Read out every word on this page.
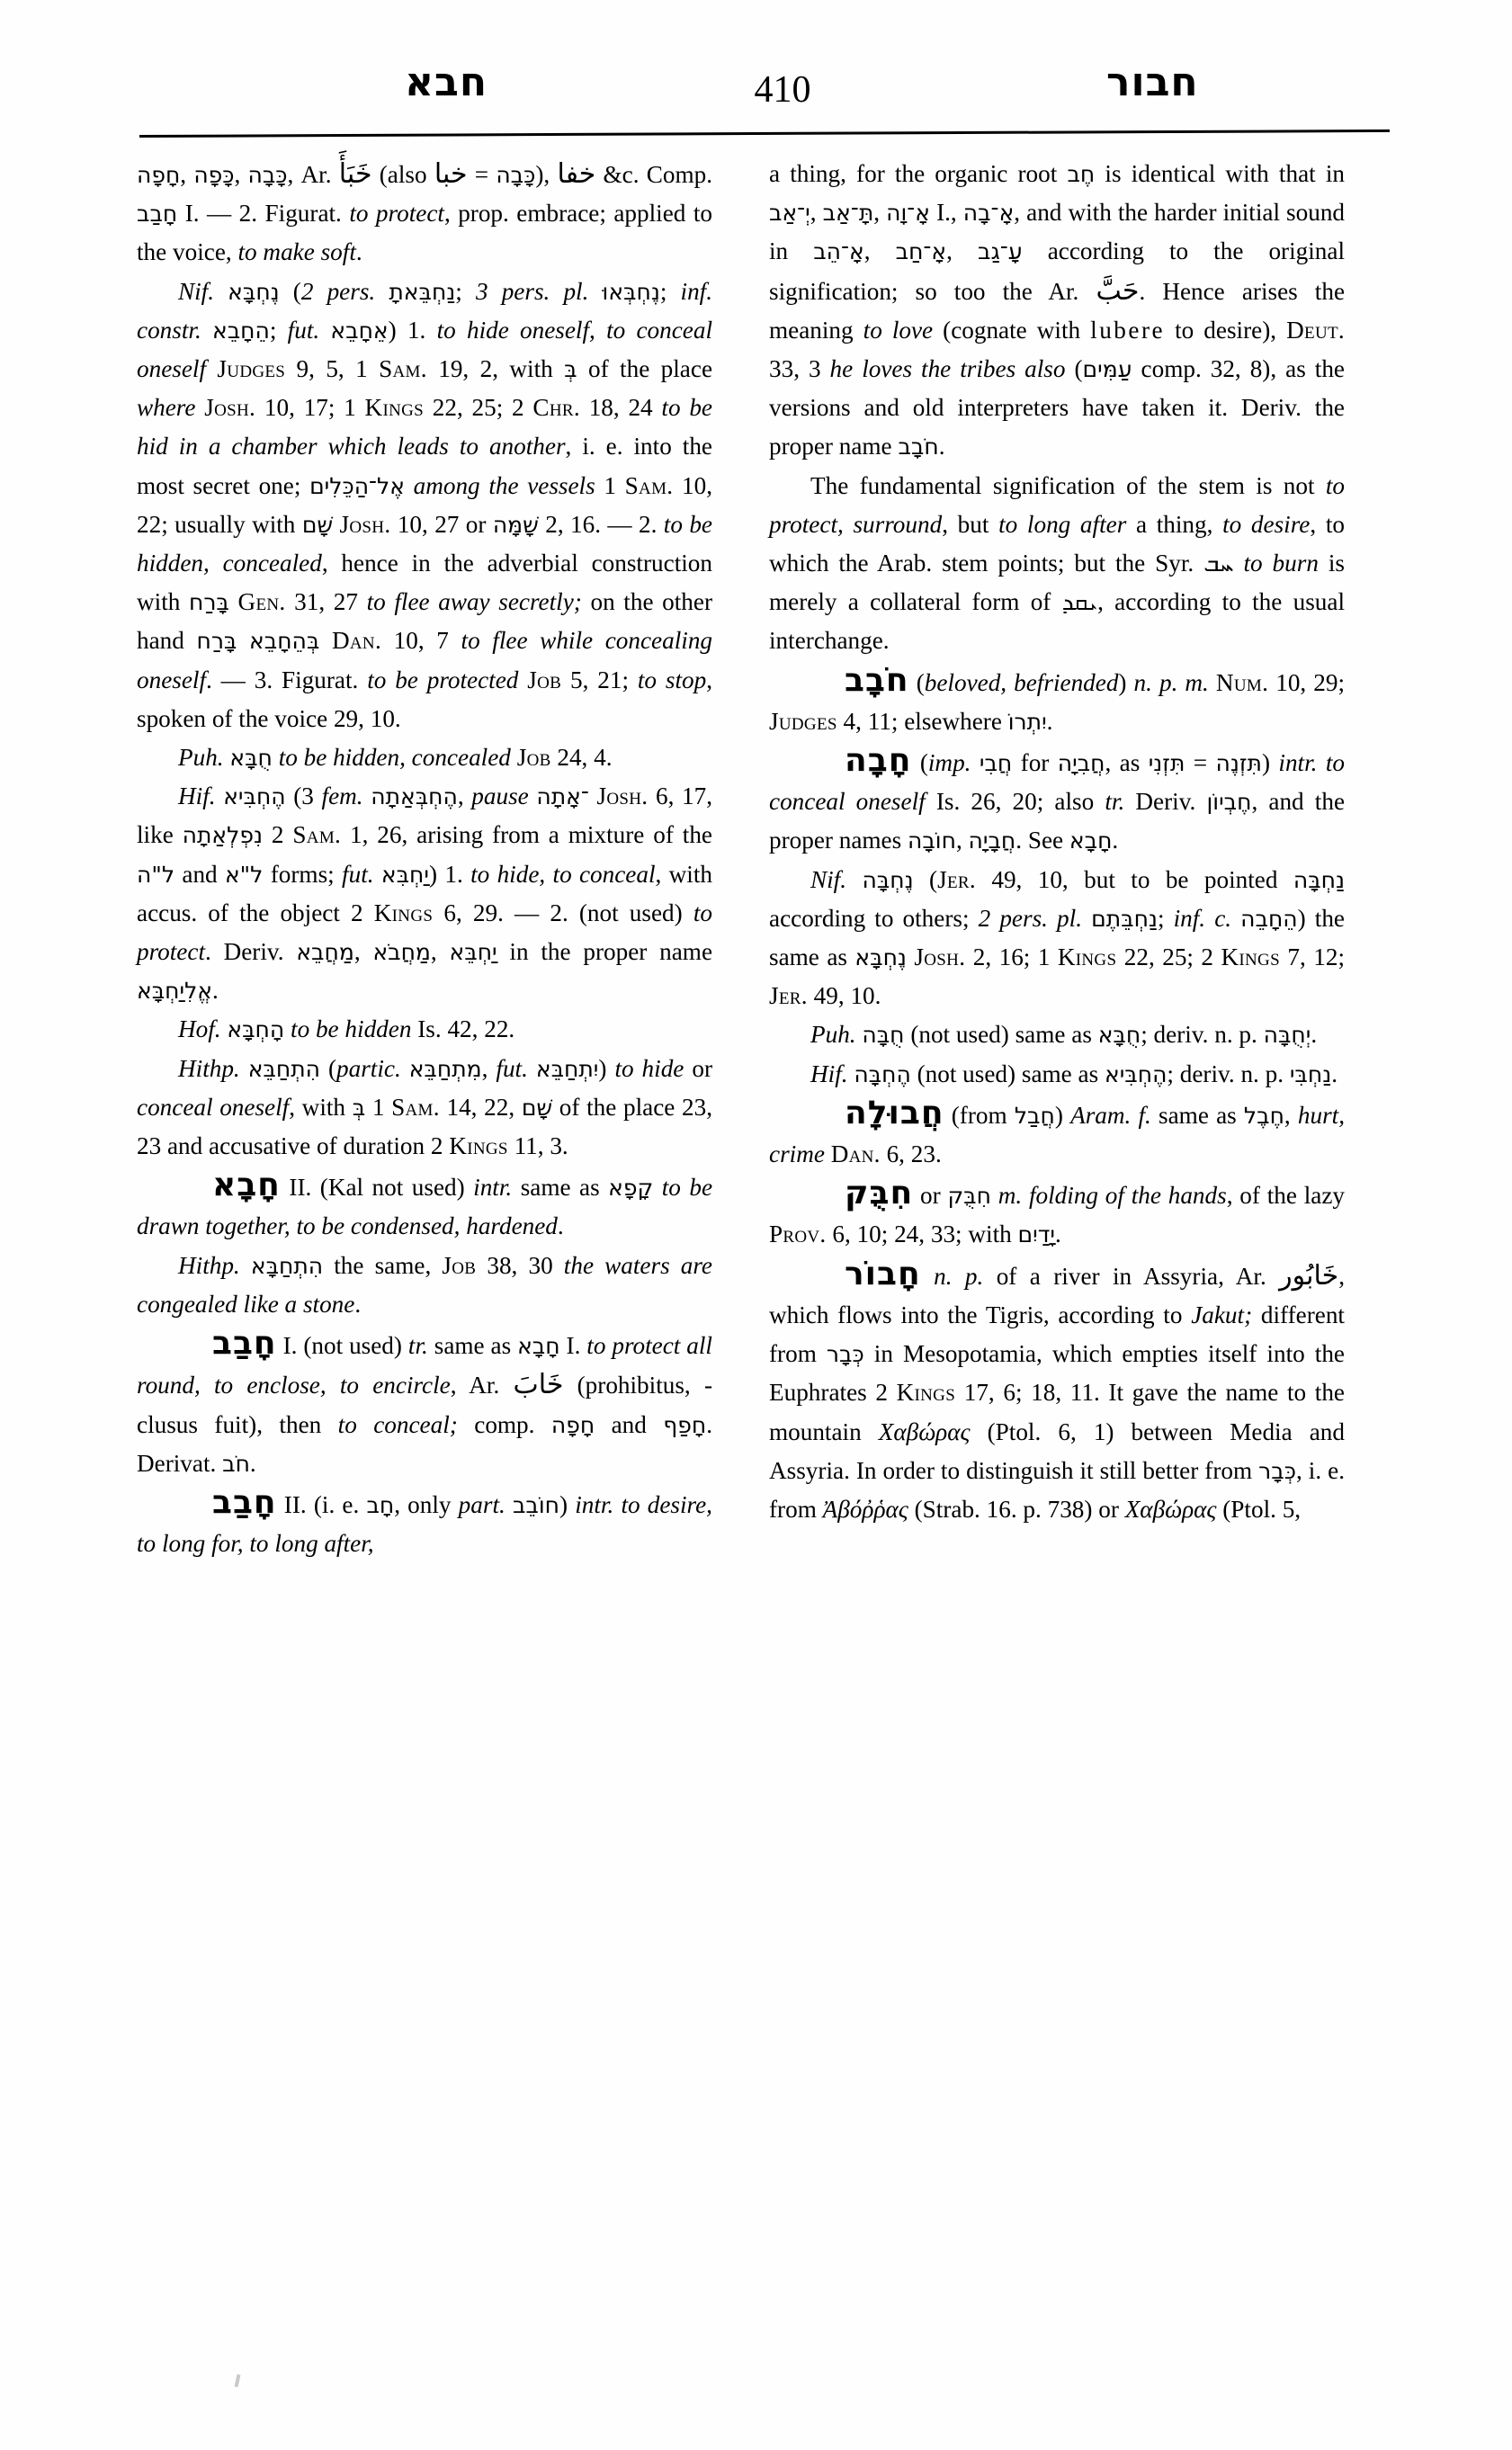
חבא	410	חבור

חָפָה, כָּפָה, כָּבָה, Ar. خَبَأَ (also خبا = כָּבָה), خفا &c. Comp. חָבַב I. — 2. Figurat. to protect, prop. embrace; applied to the voice, to make soft.

Nif. נֶחְבָּא (2 pers. נַחְבֵּאתָ; 3 pers. pl. נֶחְבְּאוּ; inf. constr. הֵחָבֵא; fut. אֵחָבֵא) 1. to hide oneself, to conceal oneself Judges 9, 5, 1 Sam. 19, 2, with בְּ of the place where Josh. 10, 17; 1 Kings 22, 25; 2 Chr. 18, 24 to be hid in a chamber which leads to another, i. e. into the most secret one; אֶל־הַכֵּלִים among the vessels 1 Sam. 10, 22; usually with שָׁם Josh. 10, 27 or שָׁמָּה 2, 16. — 2. to be hidden, concealed, hence in the adverbial construction with בָּרַח Gen. 31, 27 to flee away secretly; on the other hand בָּרַח בְּהֵחָבֵא Dan. 10, 7 to flee while concealing oneself. — 3. Figurat. to be protected Job 5, 21; to stop, spoken of the voice 29, 10.

Puh. חֻבָּא to be hidden, concealed Job 24, 4.

Hif. הֶחְבִּיא (3 fem. הֶחְבְּאַתָה, pause ־אָתָה Josh. 6, 17, like נִפְלְאַתָה 2 Sam. 1, 26, arising from a mixture of the ל"ה and ל"א forms; fut. יַחְבִּא) 1. to hide, to conceal, with accus. of the object 2 Kings 6, 29. — 2. (not used) to protect. Deriv. מַחֲבֵא, מַחֲבֹא, יַחְבֵּא in the proper name אֱלִיַחְבָּא.

Hof. הָחְבָּא to be hidden Is. 42, 22.

Hithp. הִתְחַבֵּא (partic. מִתְחַבֵּא, fut. יִתְחַבֵּא) to hide or conceal oneself, with בְּ 1 Sam. 14, 22, שָׁם of the place 23, 23 and accusative of duration 2 Kings 11, 3.

חָבָא II. (Kal not used) intr. same as קָפָא to be drawn together, to be condensed, hardened.

Hithp. הִתְחַבָּא the same, Job 38, 30 the waters are congealed like a stone.

חָבַב I. (not used) tr. same as חָבָא I. to protect all round, to enclose, to encircle, Ar. خَابَ (prohibitus, -clusus fuit), then to conceal; comp. חָפָה and חָפַף. Derivat. חֹב.

חָבַב II. (i. e. חָב, only part. חוֹבֵב) intr. to desire, to long for, to long after,

a thing, for the organic root חֶב is identical with that in יְ־אַב, תָּ־אַב, אָ־וָה I., אָ־בָה, and with the harder initial sound in אָ־הֵב, אָ־חַב, עָ־גַב according to the original signification; so too the Ar. حَبَّ. Hence arises the meaning to love (cognate with lubere to desire), Deut. 33, 3 he loves the tribes also (עַמִּים comp. 32, 8), as the versions and old interpreters have taken it. Deriv. the proper name חֹבָב.

The fundamental signification of the stem is not to protect, surround, but to long after a thing, to desire, to which the Arab. stem points; but the Syr. ܚܒ to burn is merely a collateral form of ܝܩܕ, according to the usual interchange.

חֹבָב (beloved, befriended) n. p. m. Num. 10, 29; Judges 4, 11; elsewhere יִתְרוֹ.

חָבָה (imp. חֲבִי for חֲבִיָה, as תִּזְנִי = תִּזְנֶה) intr. to conceal oneself Is. 26, 20; also tr. Deriv. חֶבְיוֹן, and the proper names חוֹבָה, חֲבָיָה. See חָבָא.

Nif. נֶחְבָּה (Jer. 49, 10, but to be pointed נַחְבָּה according to others; 2 pers. pl. נַחְבֵּתֶם; inf. c. הֵחָבֵה) the same as נֶחְבָּא Josh. 2, 16; 1 Kings 22, 25; 2 Kings 7, 12; Jer. 49, 10.

Puh. חֻבָּה (not used) same as חֻבָּא; deriv. n. p. יְחֻבָּה.

Hif. הֶחְבָּה (not used) same as הֶחְבִּיא; deriv. n. p. נַחְבִּי.

חֲבוּלָה (from חֲבַל) Aram. f. same as חֶבֶל, hurt, crime Dan. 6, 23.

חִבֻּק or חִבֻּק m. folding of the hands, of the lazy Prov. 6, 10; 24, 33; with יָדַיִם.

חָבוֹר n. p. of a river in Assyria, Ar. خَابُور, which flows into the Tigris, according to Jakut; different from כְּבָר in Mesopotamia, which empties itself into the Euphrates 2 Kings 17, 6; 18, 11. It gave the name to the mountain Χαβώρας (Ptol. 6, 1) between Media and Assyria. In order to distinguish it still better from כְּבָר, i. e. from Ἀβόῤῥας (Strab. 16. p. 738) or Χαβώρας (Ptol. 5,
